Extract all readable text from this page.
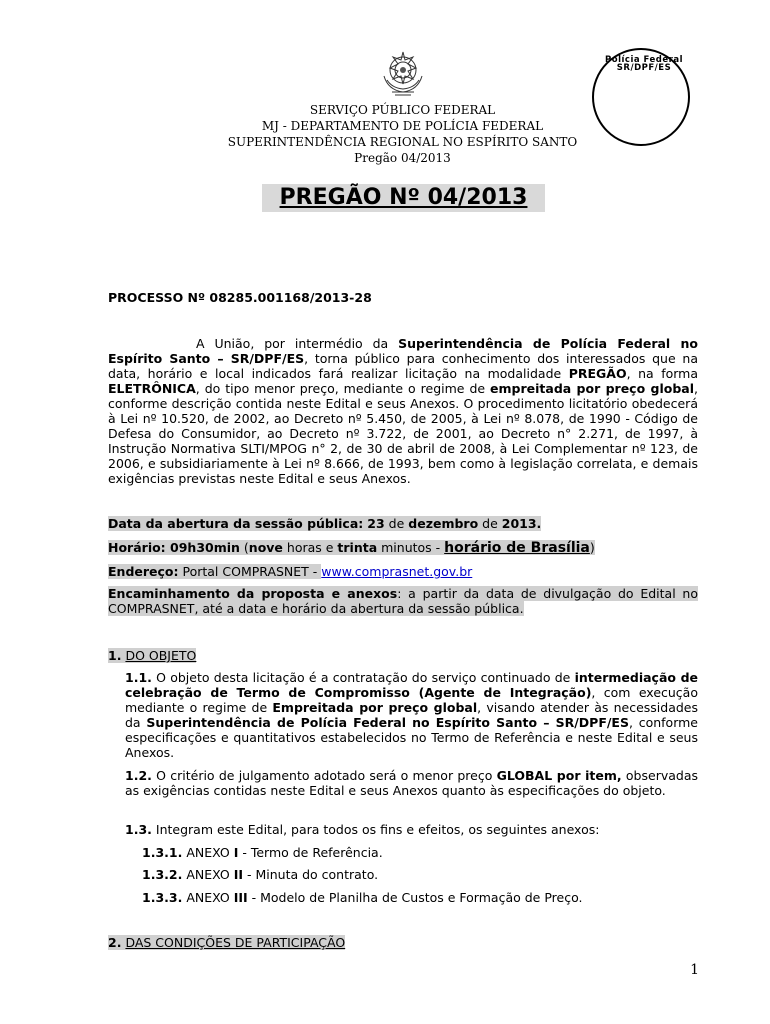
Polícia Federal
SR/DPF/ES
SERVIÇO PÚBLICO FEDERAL
MJ - DEPARTAMENTO DE POLÍCIA FEDERAL
SUPERINTENDÊNCIA REGIONAL NO ESPÍRITO SANTO
Pregão 04/2013
PREGÃO Nº 04/2013
PROCESSO Nº 08285.001168/2013-28
A União, por intermédio da Superintendência de Polícia Federal no Espírito Santo – SR/DPF/ES, torna público para conhecimento dos interessados que na data, horário e local indicados fará realizar licitação na modalidade PREGÃO, na forma ELETRÔNICA, do tipo menor preço, mediante o regime de empreitada por preço global, conforme descrição contida neste Edital e seus Anexos. O procedimento licitatório obedecerá à Lei nº 10.520, de 2002, ao Decreto nº 5.450, de 2005, à Lei nº 8.078, de 1990 - Código de Defesa do Consumidor, ao Decreto nº 3.722, de 2001, ao Decreto n° 2.271, de 1997, à Instrução Normativa SLTI/MPOG n° 2, de 30 de abril de 2008, à Lei Complementar nº 123, de 2006, e subsidiariamente à Lei nº 8.666, de 1993, bem como à legislação correlata, e demais exigências previstas neste Edital e seus Anexos.
Data da abertura da sessão pública: 23 de dezembro de 2013.
Horário: 09h30min (nove horas e trinta minutos - horário de Brasília)
Endereço: Portal COMPRASNET - www.comprasnet.gov.br
Encaminhamento da proposta e anexos: a partir da data de divulgação do Edital no COMPRASNET, até a data e horário da abertura da sessão pública.
1. DO OBJETO
1.1. O objeto desta licitação é a contratação do serviço continuado de intermediação de celebração de Termo de Compromisso (Agente de Integração), com execução mediante o regime de Empreitada por preço global, visando atender às necessidades da Superintendência de Polícia Federal no Espírito Santo – SR/DPF/ES, conforme especificações e quantitativos estabelecidos no Termo de Referência e neste Edital e seus Anexos.
1.2. O critério de julgamento adotado será o menor preço GLOBAL por item, observadas as exigências contidas neste Edital e seus Anexos quanto às especificações do objeto.
1.3. Integram este Edital, para todos os fins e efeitos, os seguintes anexos:
1.3.1. ANEXO I - Termo de Referência.
1.3.2. ANEXO II - Minuta do contrato.
1.3.3. ANEXO III - Modelo de Planilha de Custos e Formação de Preço.
2. DAS CONDIÇÕES DE PARTICIPAÇÃO
1
